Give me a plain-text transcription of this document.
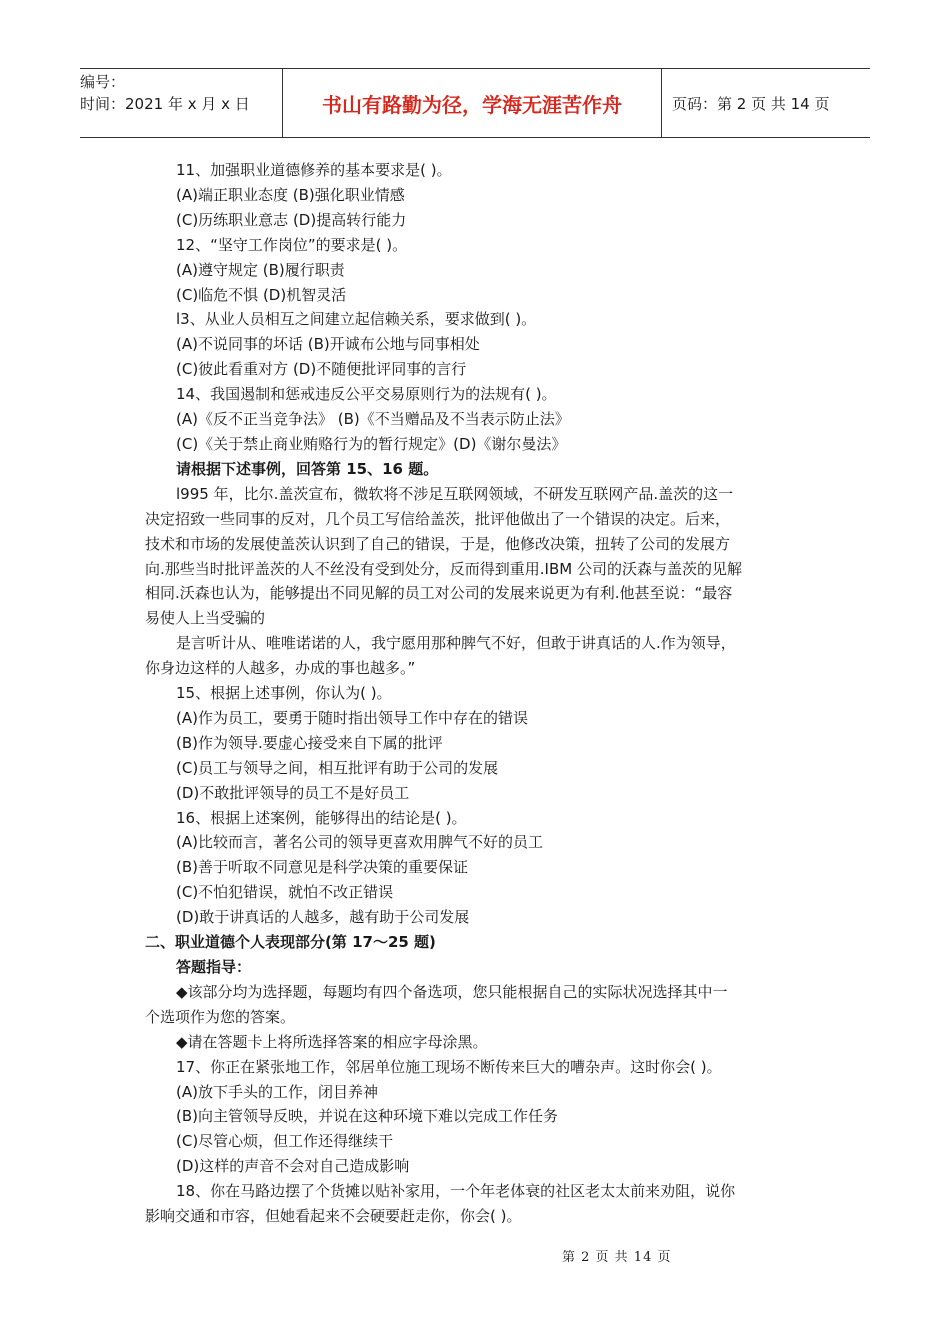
编号：
时间：2021 年 x 月 x 日	书山有路勤为径，学海无涯苦作舟	页码：第 2 页 共 14 页
11、加强职业道德修养的基本要求是( )。
(A)端正职业态度 (B)强化职业情感
(C)历练职业意志 (D)提高转行能力
12、“坚守工作岗位”的要求是( )。
(A)遵守规定 (B)履行职责
(C)临危不惧 (D)机智灵活
l3、从业人员相互之间建立起信赖关系，要求做到( )。
(A)不说同事的坏话 (B)开诚布公地与同事相处
(C)彼此看重对方 (D)不随便批评同事的言行
14、我国遏制和惩戒违反公平交易原则行为的法规有( )。
(A)《反不正当竞争法》 (B)《不当赠品及不当表示防止法》
(C)《关于禁止商业贿赂行为的暂行规定》(D)《谢尔曼法》
请根据下述事例，回答第 15、16 题。
l995 年，比尔.盖茨宣布，微软将不涉足互联网领域，不研发互联网产品.盖茨的这一
决定招致一些同事的反对，几个员工写信给盖茨，批评他做出了一个错误的决定。后来，
技术和市场的发展使盖茨认识到了自己的错误，于是，他修改决策，扭转了公司的发展方
向.那些当时批评盖茨的人不丝没有受到处分，反而得到重用.IBM 公司的沃森与盖茨的见解
相同.沃森也认为，能够提出不同见解的员工对公司的发展来说更为有利.他甚至说：“最容
易使人上当受骗的
是言听计从、唯唯诺诺的人，我宁愿用那种脾气不好，但敢于讲真话的人.作为领导，
你身边这样的人越多，办成的事也越多。”
15、根据上述事例，你认为( )。
(A)作为员工，要勇于随时指出领导工作中存在的错误
(B)作为领导.要虚心接受来自下属的批评
(C)员工与领导之间，相互批评有助于公司的发展
(D)不敢批评领导的员工不是好员工
16、根据上述案例，能够得出的结论是( )。
(A)比较而言，著名公司的领导更喜欢用脾气不好的员工
(B)善于听取不同意见是科学决策的重要保证
(C)不怕犯错误，就怕不改正错误
(D)敢于讲真话的人越多，越有助于公司发展
二、职业道德个人表现部分(第 17～25 题)
答题指导：
◆该部分均为选择题，每题均有四个备选项，您只能根据自己的实际状况选择其中一
个选项作为您的答案。
◆请在答题卡上将所选择答案的相应字母涂黑。
17、你正在紧张地工作，邻居单位施工现场不断传来巨大的嘈杂声。这时你会( )。
(A)放下手头的工作，闭目养神
(B)向主管领导反映，并说在这种环境下难以完成工作任务
(C)尽管心烦，但工作还得继续干
(D)这样的声音不会对自己造成影响
18、你在马路边摆了个货摊以贴补家用，一个年老体衰的社区老太太前来劝阻，说你
影响交通和市容，但她看起来不会硬要赶走你，你会( )。
第 2 页 共 14 页
